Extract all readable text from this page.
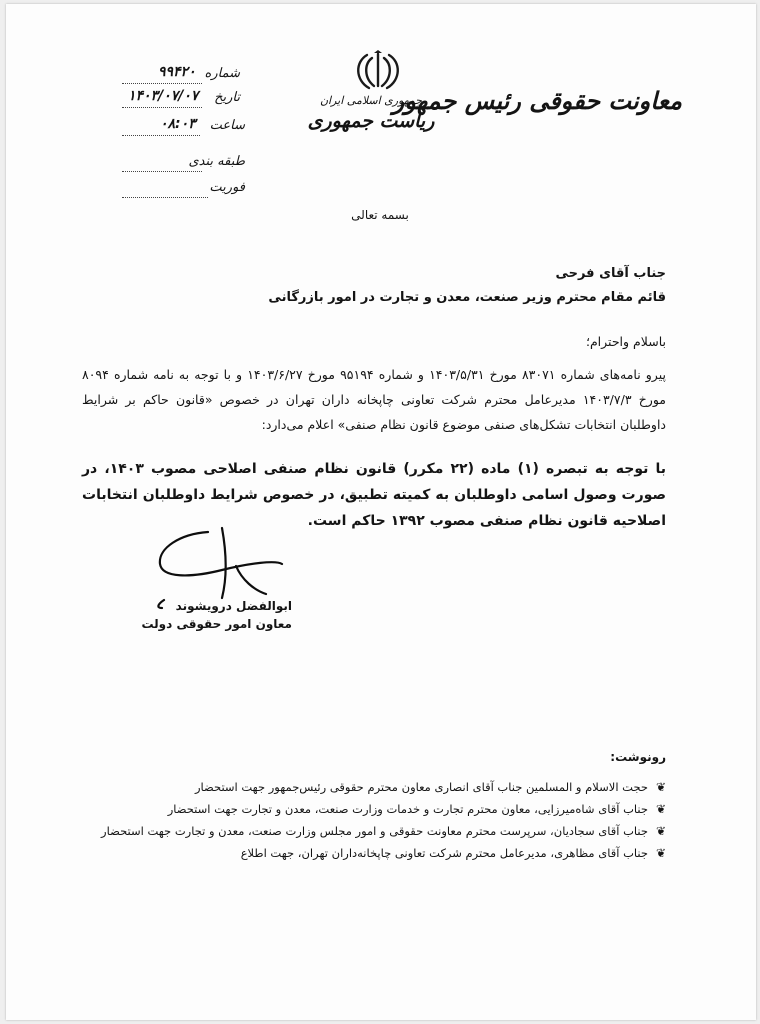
معاونت حقوقی رئیس جمهور
جمهوری اسلامی ایران
ریاست جمهوری
شماره
۹۹۴۲۰
تاریخ
۱۴۰۳/۰۷/۰۷
ساعت
۰۸:۰۳
طبقه بندی
فوریت
بسمه تعالی
جناب آقای فرحی
قائم مقام محترم وزیر صنعت، معدن و تجارت در امور بازرگانی
باسلام واحترام؛
پیرو نامه‌های شماره ۸۳۰۷۱ مورخ ۱۴۰۳/۵/۳۱ و شماره ۹۵۱۹۴ مورخ ۱۴۰۳/۶/۲۷ و با توجه به نامه شماره ۸۰۹۴ مورخ ۱۴۰۳/۷/۳ مدیرعامل محترم شرکت تعاونی چاپخانه داران تهران در خصوص «قانون حاکم بر شرایط داوطلبان انتخابات تشکل‌های صنفی موضوع قانون نظام صنفی» اعلام می‌دارد:
با توجه به تبصره (۱) ماده (۲۲ مکرر) قانون نظام صنفی اصلاحی مصوب ۱۴۰۳، در صورت وصول اسامی داوطلبان به کمیته تطبیق، در خصوص شرایط داوطلبان انتخابات اصلاحیه قانون نظام صنفی مصوب ۱۳۹۲ حاکم است.
ابوالفضل درویشوند
معاون امور حقوقی دولت
رونوشت:
❦
حجت الاسلام و المسلمین جناب آقای انصاری معاون محترم حقوقی رئیس‌جمهور جهت استحضار
❦
جناب آقای شاه‌میرزایی، معاون محترم تجارت و خدمات وزارت صنعت، معدن و تجارت جهت استحضار
❦
جناب آقای سجادیان، سرپرست محترم معاونت حقوقی و امور مجلس وزارت صنعت، معدن و تجارت جهت استحضار
❦
جناب آقای مظاهری، مدیرعامل محترم شرکت تعاونی چاپخانه‌داران تهران، جهت اطلاع
